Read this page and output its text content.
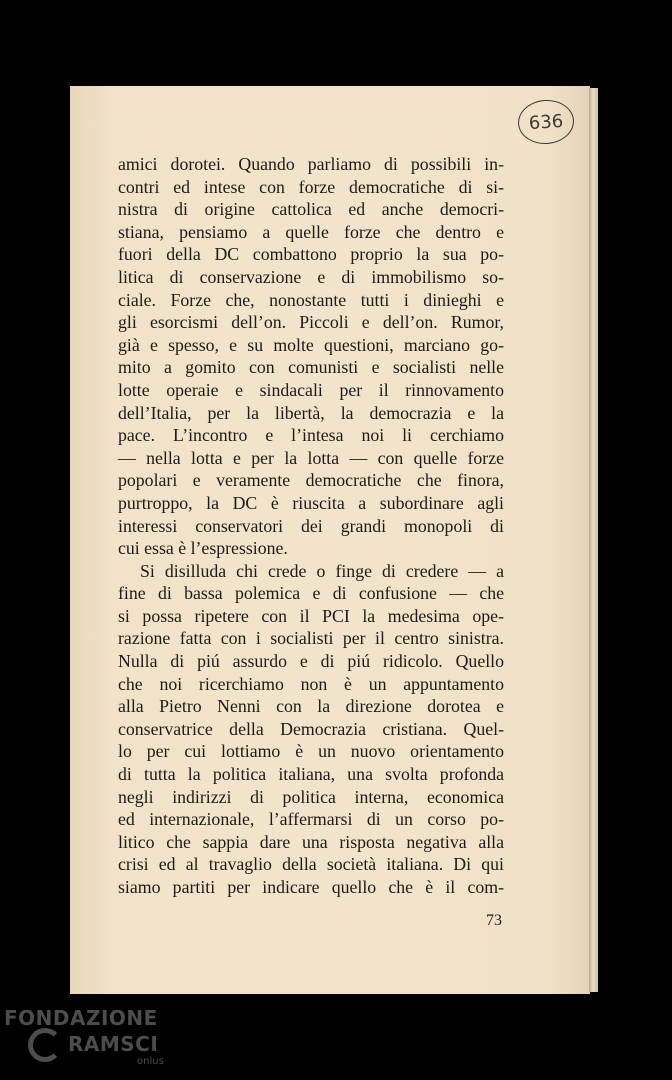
636
amici dorotei. Quando parliamo di possibili in-
contri ed intese con forze democratiche di si-
nistra di origine cattolica ed anche democri-
stiana, pensiamo a quelle forze che dentro e
fuori della DC combattono proprio la sua po-
litica di conservazione e di immobilismo so-
ciale. Forze che, nonostante tutti i dinieghi e
gli esorcismi dell’on. Piccoli e dell’on. Rumor,
già e spesso, e su molte questioni, marciano go-
mito a gomito con comunisti e socialisti nelle
lotte operaie e sindacali per il rinnovamento
dell’Italia, per la libertà, la democrazia e la
pace. L’incontro e l’intesa noi li cerchiamo
— nella lotta e per la lotta — con quelle forze
popolari e veramente democratiche che finora,
purtroppo, la DC è riuscita a subordinare agli
interessi conservatori dei grandi monopoli di
cui essa è l’espressione.
Si disilluda chi crede o finge di credere — a
fine di bassa polemica e di confusione — che
si possa ripetere con il PCI la medesima ope-
razione fatta con i socialisti per il centro sinistra.
Nulla di piú assurdo e di piú ridicolo. Quello
che noi ricerchiamo non è un appuntamento
alla Pietro Nenni con la direzione dorotea e
conservatrice della Democrazia cristiana. Quel-
lo per cui lottiamo è un nuovo orientamento
di tutta la politica italiana, una svolta profonda
negli indirizzi di politica interna, economica
ed internazionale, l’affermarsi di un corso po-
litico che sappia dare una risposta negativa alla
crisi ed al travaglio della società italiana. Di qui
siamo partiti per indicare quello che è il com-
73
FONDAZIONE
RAMSCI
onlus
